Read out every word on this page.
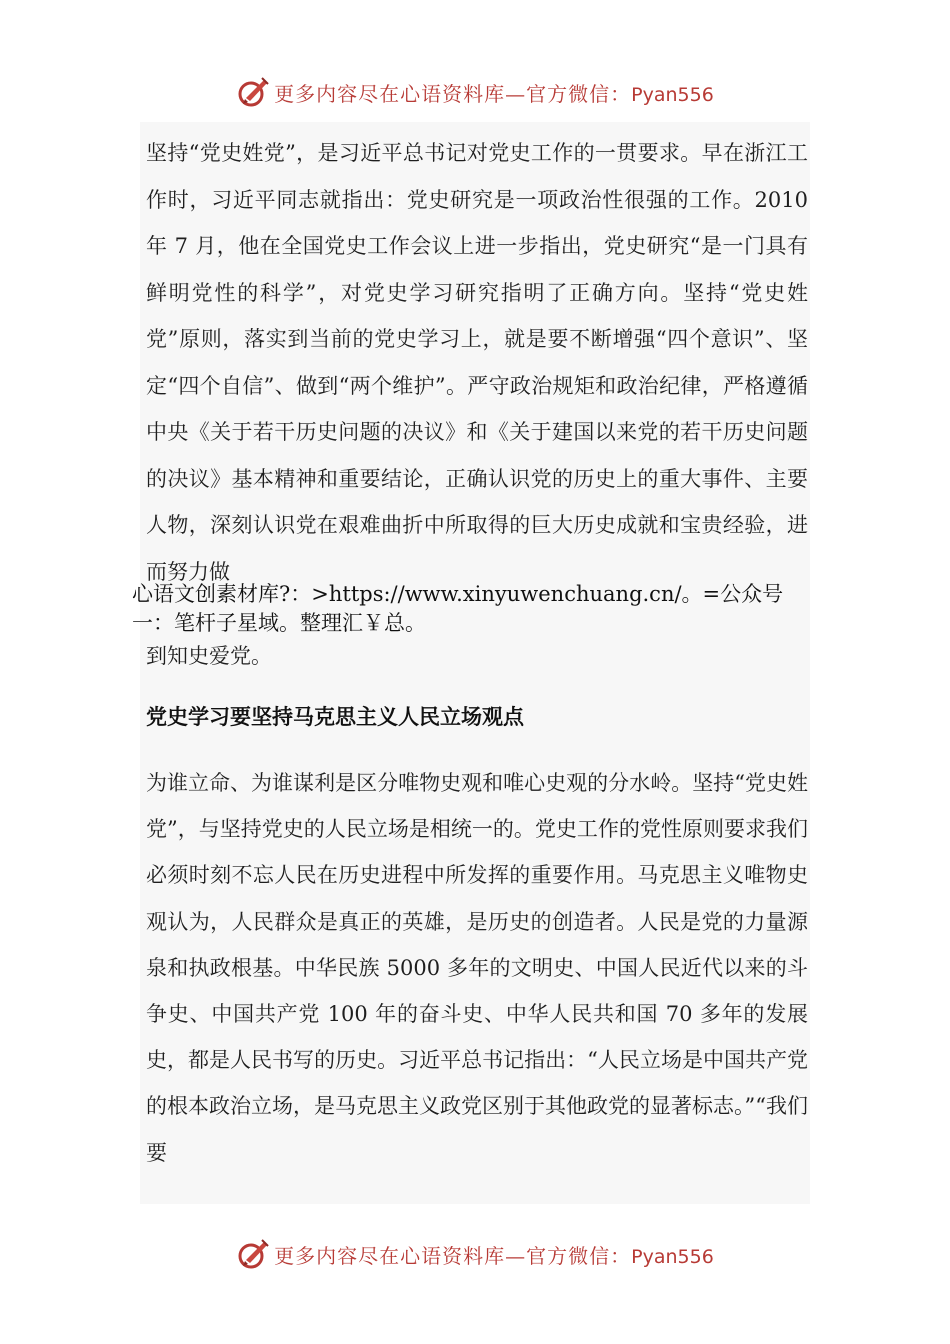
更多内容尽在心语资料库—官方微信：Pyan556

坚持“党史姓党”，是习近平总书记对党史工作的一贯要求。早在浙江工作时，习近平同志就指出：党史研究是一项政治性很强的工作。2010 年 7 月，他在全国党史工作会议上进一步指出，党史研究“是一门具有鲜明党性的科学”，对党史学习研究指明了正确方向。坚持“党史姓党”原则，落实到当前的党史学习上，就是要不断增强“四个意识”、坚定“四个自信”、做到“两个维护”。严守政治规矩和政治纪律，严格遵循中央《关于若干历史问题的决议》和《关于建国以来党的若干历史问题的决议》基本精神和重要结论，正确认识党的历史上的重大事件、主要人物，深刻认识党在艰难曲折中所取得的巨大历史成就和宝贵经验，进而努力做

心语文创素材库?：>https://www.xinyuwenchuang.cn/。=公众号一：笔杆子星域。整理汇￥总。

到知史爱党。

党史学习要坚持马克思主义人民立场观点

为谁立命、为谁谋利是区分唯物史观和唯心史观的分水岭。坚持“党史姓党”，与坚持党史的人民立场是相统一的。党史工作的党性原则要求我们必须时刻不忘人民在历史进程中所发挥的重要作用。马克思主义唯物史观认为，人民群众是真正的英雄，是历史的创造者。人民是党的力量源泉和执政根基。中华民族 5000 多年的文明史、中国人民近代以来的斗争史、中国共产党 100 年的奋斗史、中华人民共和国 70 多年的发展史，都是人民书写的历史。习近平总书记指出：“人民立场是中国共产党的根本政治立场，是马克思主义政党区别于其他政党的显著标志。”“我们要

更多内容尽在心语资料库—官方微信：Pyan556
